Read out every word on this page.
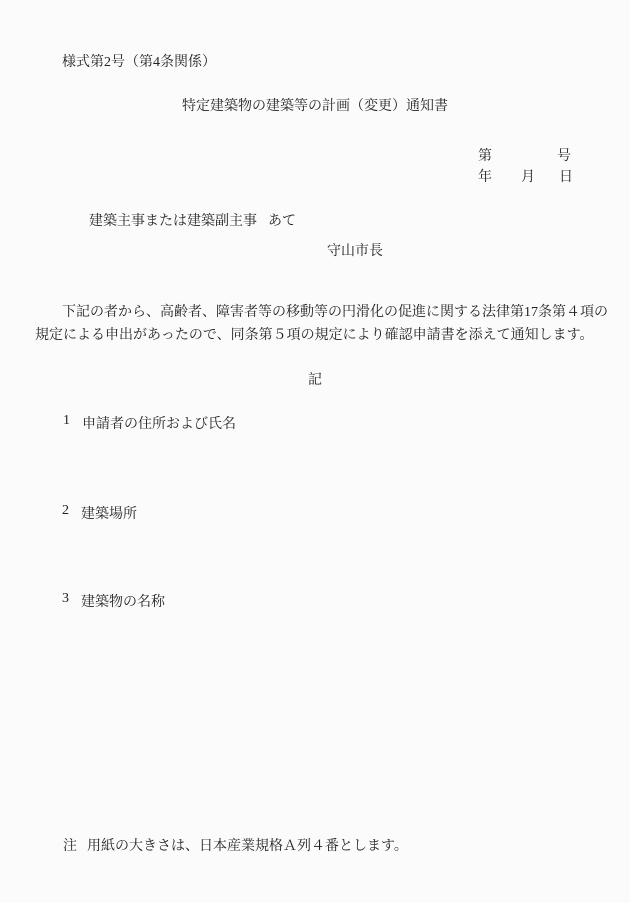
様式第2号（第4条関係）
特定建築物の建築等の計画（変更）通知書
第	号
年 月 日
建築主事または建築副主事 あて
守山市長
下記の者から、高齢者、障害者等の移動等の円滑化の促進に関する法律第17条第４項の
規定による申出があったので、同条第５項の規定により確認申請書を添えて通知します。
記
1 申請者の住所および氏名
2 建築場所
3 建築物の名称
注 用紙の大きさは、日本産業規格Ａ列４番とします。
